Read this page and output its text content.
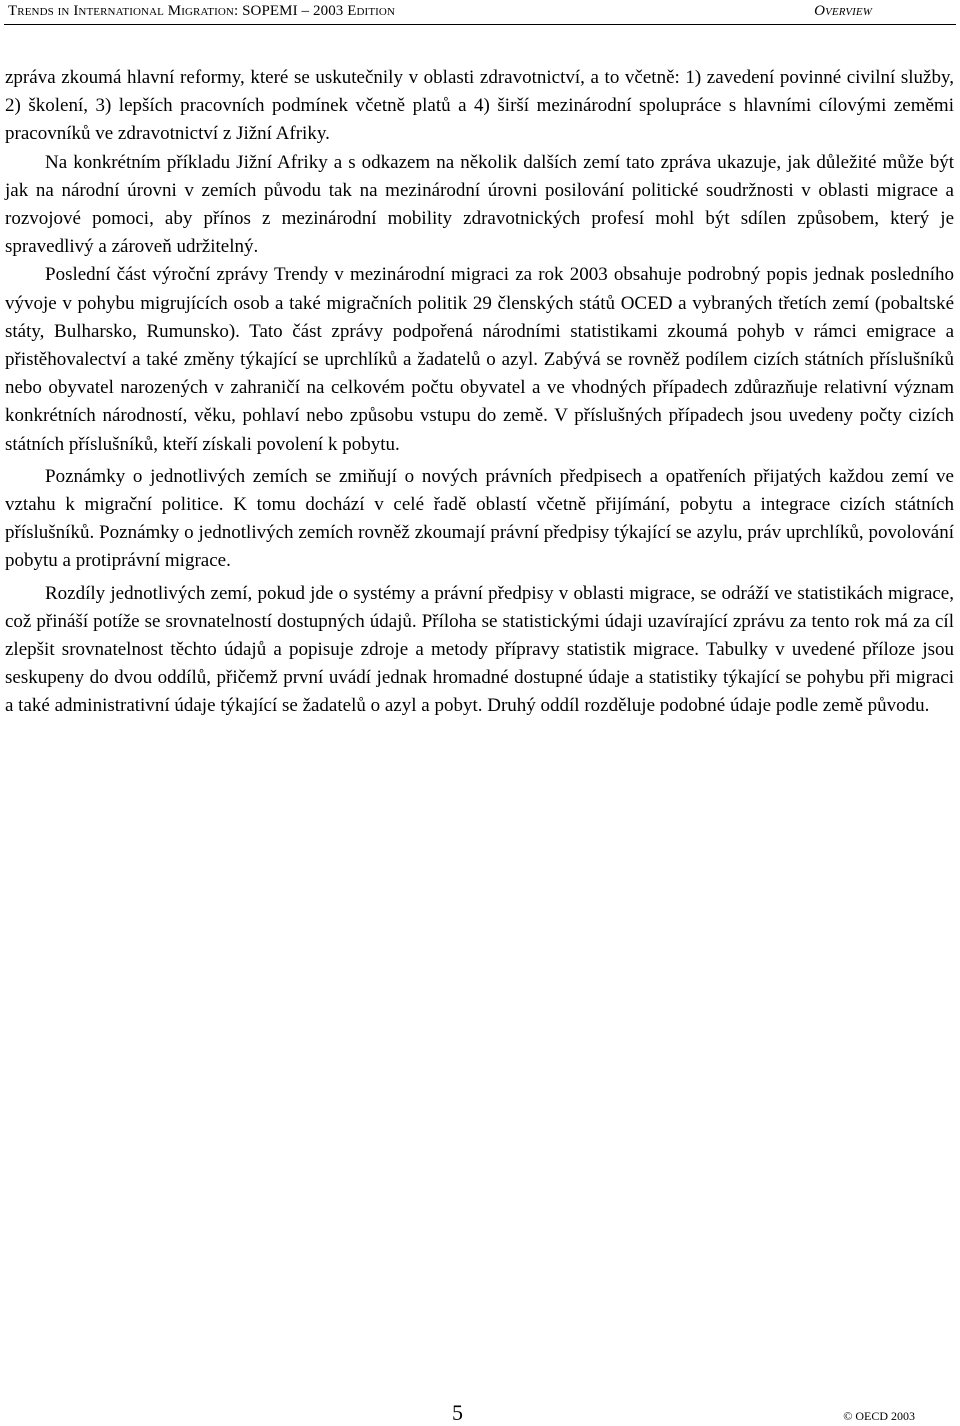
Trends in International Migration: SOPEMI – 2003 Edition	Overview

zpráva zkoumá hlavní reformy, které se uskutečnily v oblasti zdravotnictví, a to včetně: 1) zavedení povinné civilní služby, 2) školení, 3) lepších pracovních podmínek včetně platů a 4) širší mezinárodní spolupráce s hlavními cílovými zeměmi pracovníků ve zdravotnictví z Jižní Afriky.

Na konkrétním příkladu Jižní Afriky a s odkazem na několik dalších zemí tato zpráva ukazuje, jak důležité může být jak na národní úrovni v zemích původu tak na mezinárodní úrovni posilování politické soudržnosti v oblasti migrace a rozvojové pomoci, aby přínos z mezinárodní mobility zdravotnických profesí mohl být sdílen způsobem, který je spravedlivý a zároveň udržitelný.

Poslední část výroční zprávy Trendy v mezinárodní migraci za rok 2003 obsahuje podrobný popis jednak posledního vývoje v pohybu migrujících osob a také migračních politik 29 členských států OCED a vybraných třetích zemí (pobaltské státy, Bulharsko, Rumunsko). Tato část zprávy podpořená národními statistikami zkoumá pohyb v rámci emigrace a přistěhovalectví a také změny týkající se uprchlíků a žadatelů o azyl. Zabývá se rovněž podílem cizích státních příslušníků nebo obyvatel narozených v zahraničí na celkovém počtu obyvatel a ve vhodných případech zdůrazňuje relativní význam konkrétních národností, věku, pohlaví nebo způsobu vstupu do země. V příslušných případech jsou uvedeny počty cizích státních příslušníků, kteří získali povolení k pobytu.

Poznámky o jednotlivých zemích se zmiňují o nových právních předpisech a opatřeních přijatých každou zemí ve vztahu k migrační politice. K tomu dochází v celé řadě oblastí včetně přijímání, pobytu a integrace cizích státních příslušníků. Poznámky o jednotlivých zemích rovněž zkoumají právní předpisy týkající se azylu, práv uprchlíků, povolování pobytu a protiprávní migrace.

Rozdíly jednotlivých zemí, pokud jde o systémy a právní předpisy v oblasti migrace, se odráží ve statistikách migrace, což přináší potíže se srovnatelností dostupných údajů. Příloha se statistickými údaji uzavírající zprávu za tento rok má za cíl zlepšit srovnatelnost těchto údajů a popisuje zdroje a metody přípravy statistik migrace. Tabulky v uvedené příloze jsou seskupeny do dvou oddílů, přičemž první uvádí jednak hromadné dostupné údaje a statistiky týkající se pohybu při migraci a také administrativní údaje týkající se žadatelů o azyl a pobyt. Druhý oddíl rozděluje podobné údaje podle země původu.

5	© OECD 2003
